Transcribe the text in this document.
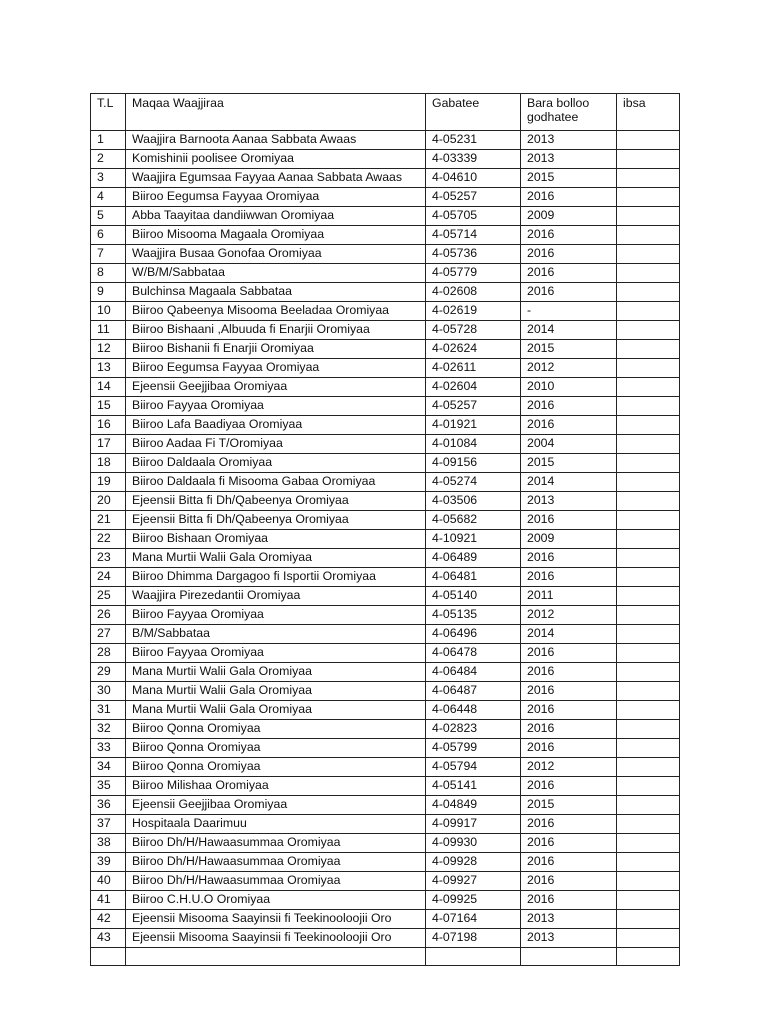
T.L	Maqaa Waajjiraa	Gabatee	Bara bolloo godhatee	ibsa
1	Waajjira Barnoota Aanaa Sabbata Awaas	4-05231	2013	
2	Komishinii poolisee Oromiyaa	4-03339	2013	
3	Waajjira Egumsaa Fayyaa Aanaa Sabbata Awaas	4-04610	2015	
4	Biiroo Eegumsa Fayyaa Oromiyaa	4-05257	2016	
5	Abba Taayitaa dandiiwwan Oromiyaa	4-05705	2009	
6	Biiroo Misooma Magaala Oromiyaa	4-05714	2016	
7	Waajjira Busaa Gonofaa Oromiyaa	4-05736	2016	
8	W/B/M/Sabbataa	4-05779	2016	
9	Bulchinsa Magaala Sabbataa	4-02608	2016	
10	Biiroo Qabeenya Misooma Beeladaa Oromiyaa	4-02619	-	
11	Biiroo Bishaani ,Albuuda fi Enarjii Oromiyaa	4-05728	2014	
12	Biiroo Bishanii fi Enarjii Oromiyaa	4-02624	2015	
13	Biiroo Eegumsa Fayyaa Oromiyaa	4-02611	2012	
14	Ejeensii Geejjibaa Oromiyaa	4-02604	2010	
15	Biiroo Fayyaa Oromiyaa	4-05257	2016	
16	Biiroo Lafa Baadiyaa Oromiyaa	4-01921	2016	
17	Biiroo Aadaa Fi T/Oromiyaa	4-01084	2004	
18	Biiroo Daldaala Oromiyaa	4-09156	2015	
19	Biiroo Daldaala fi Misooma Gabaa Oromiyaa	4-05274	2014	
20	Ejeensii Bitta fi Dh/Qabeenya Oromiyaa	4-03506	2013	
21	Ejeensii Bitta fi Dh/Qabeenya Oromiyaa	4-05682	2016	
22	Biiroo Bishaan Oromiyaa	4-10921	2009	
23	Mana Murtii Walii Gala Oromiyaa	4-06489	2016	
24	Biiroo Dhimma Dargagoo fi Isportii Oromiyaa	4-06481	2016	
25	Waajjira Pirezedantii Oromiyaa	4-05140	2011	
26	Biiroo Fayyaa Oromiyaa	4-05135	2012	
27	B/M/Sabbataa	4-06496	2014	
28	Biiroo Fayyaa Oromiyaa	4-06478	2016	
29	Mana Murtii Walii Gala Oromiyaa	4-06484	2016	
30	Mana Murtii Walii Gala Oromiyaa	4-06487	2016	
31	Mana Murtii Walii Gala Oromiyaa	4-06448	2016	
32	Biiroo Qonna Oromiyaa	4-02823	2016	
33	Biiroo Qonna Oromiyaa	4-05799	2016	
34	Biiroo Qonna Oromiyaa	4-05794	2012	
35	Biiroo Milishaa Oromiyaa	4-05141	2016	
36	Ejeensii Geejjibaa Oromiyaa	4-04849	2015	
37	Hospitaala Daarimuu	4-09917	2016	
38	Biiroo Dh/H/Hawaasummaa Oromiyaa	4-09930	2016	
39	Biiroo Dh/H/Hawaasummaa Oromiyaa	4-09928	2016	
40	Biiroo Dh/H/Hawaasummaa Oromiyaa	4-09927	2016	
41	Biiroo C.H.U.O Oromiyaa	4-09925	2016	
42	Ejeensii Misooma Saayinsii fi Teekinooloojii Oro	4-07164	2013	
43	Ejeensii Misooma Saayinsii fi Teekinooloojii Oro	4-07198	2013	
